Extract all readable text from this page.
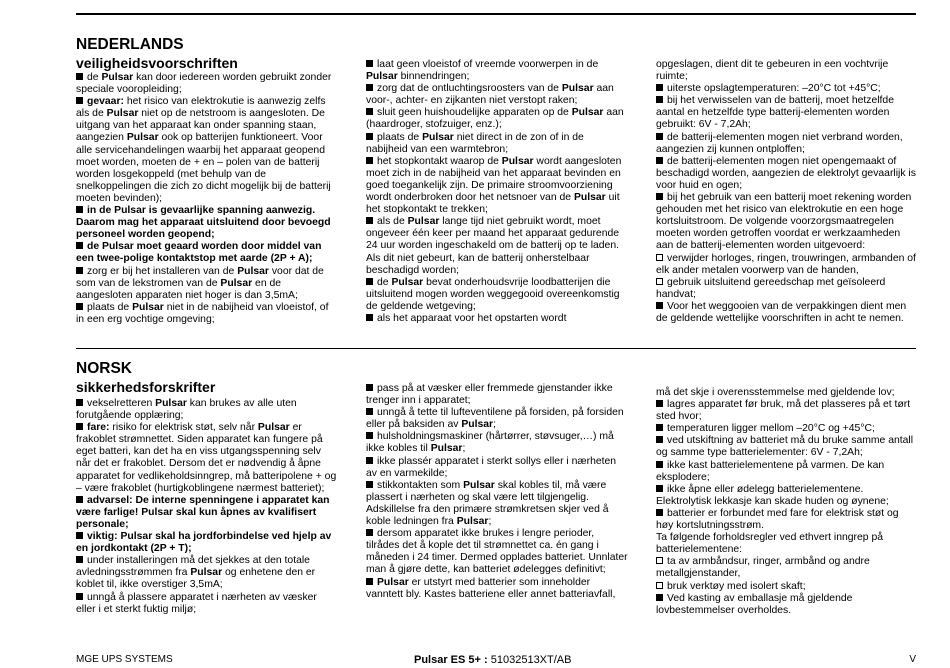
NEDERLANDS
veiligheidsvoorschriften

de Pulsar kan door iedereen worden gebruikt zonder speciale vooropleiding;

gevaar: het risico van elektrokutie is aanwezig zelfs als de Pulsar niet op de netstroom is aangesloten. De uitgang van het apparaat kan onder spanning staan, aangezien Pulsar ook op batterijen funktioneert. Voor alle servicehandelingen waarbij het apparaat geopend moet worden, moeten de + en – polen van de batterij worden losgekoppeld (met behulp van de snelkoppelingen die zich zo dicht mogelijk bij de batterij moeten bevinden);

in de Pulsar is gevaarlijke spanning aanwezig. Daarom mag het apparaat uitsluitend door bevoegd personeel worden geopend;

de Pulsar moet geaard worden door middel van een twee-polige kontaktstop met aarde (2P + A);

zorg er bij het installeren van de Pulsar voor dat de som van de lekstromen van de Pulsar en de aangesloten apparaten niet hoger is dan 3,5mA;

plaats de Pulsar niet in de nabijheid van vloeistof, of in een erg vochtige omgeving;

laat geen vloeistof of vreemde voorwerpen in de Pulsar binnendringen;

zorg dat de ontluchtingsroosters van de Pulsar aan voor-, achter- en zijkanten niet verstopt raken;

sluit geen huishoudelijke apparaten op de Pulsar aan (haardroger, stofzuiger, enz.);

plaats de Pulsar niet direct in de zon of in de nabijheid van een warmtebron;

het stopkontakt waarop de Pulsar wordt aangesloten moet zich in de nabijheid van het apparaat bevinden en goed toegankelijk zijn. De primaire stroomvoorziening wordt onderbroken door het netsnoer van de Pulsar uit het stopkontakt te trekken;

als de Pulsar lange tijd niet gebruikt wordt, moet ongeveer één keer per maand het apparaat gedurende 24 uur worden ingeschakeld om de batterij op te laden. Als dit niet gebeurt, kan de batterij onherstelbaar beschadigd worden;

de Pulsar bevat onderhoudsvrije loodbatterijen die uitsluitend mogen worden weggegooid overeenkomstig de geldende wetgeving;

als het apparaat voor het opstarten wordt

opgeslagen, dient dit te gebeuren in een vochtvrije ruimte;

uiterste opslagtemperaturen: –20°C tot +45°C;

bij het verwisselen van de batterij, moet hetzelfde aantal en hetzelfde type batterij-elementen worden gebruikt: 6V - 7,2Ah;

de batterij-elementen mogen niet verbrand worden, aangezien zij kunnen ontploffen;

de batterij-elementen mogen niet opengemaakt of beschadigd worden, aangezien de elektrolyt gevaarlijk is voor huid en ogen;

bij het gebruik van een batterij moet rekening worden gehouden met het risico van elektrokutie en een hoge kortsluitstroom. De volgende voorzorgsmaatregelen moeten worden getroffen voordat er werkzaamheden aan de batterij-elementen worden uitgevoerd:

verwijder horloges, ringen, trouwringen, armbanden of elk ander metalen voorwerp van de handen,

gebruik uitsluitend gereedschap met geïsoleerd handvat;

Voor het weggooien van de verpakkingen dient men de geldende wettelijke voorschriften in acht te nemen.

NORSK
sikkerhedsforskrifter

vekselretteren Pulsar kan brukes av alle uten forutgående opplæring;

fare: risiko for elektrisk støt, selv når Pulsar er frakoblet strømnettet. Siden apparatet kan fungere på eget batteri, kan det ha en viss utgangsspenning selv når det er frakoblet. Dersom det er nødvendig å åpne apparatet for vedlikeholdsinngrep, må batteripolene + og – være frakoblet (hurtigkoblingene nærmest batteriet);

advarsel: De interne spenningene i apparatet kan være farlige! Pulsar skal kun åpnes av kvalifisert personale;

viktig: Pulsar skal ha jordforbindelse ved hjelp av en jordkontakt (2P + T);

under installeringen må det sjekkes at den totale avledningsstrømmen fra Pulsar og enhetene den er koblet til, ikke overstiger 3,5mA;

unngå å plassere apparatet i nærheten av væsker eller i et sterkt fuktig miljø;

pass på at væsker eller fremmede gjenstander ikke trenger inn i apparatet;

unngå å tette til lufteventilene på forsiden, på forsiden eller på baksiden av Pulsar;

hulsholdningsmaskiner (hårtørrer, støvsuger,…) må ikke kobles til Pulsar;

ikke plassér apparatet i sterkt sollys eller i nærheten av en varmekilde;

stikkontakten som Pulsar skal kobles til, må være plassert i nærheten og skal være lett tilgjengelig. Adskillelse fra den primære strømkretsen skjer ved å koble ledningen fra Pulsar;

dersom apparatet ikke brukes i lengre perioder, tilrådes det å kople det til strømnettet ca. én gang i måneden i 24 timer. Dermed opplades batteriet. Unnlater man å gjøre dette, kan batteriet ødelegges definitivt;

Pulsar er utstyrt med batterier som inneholder vanntett bly. Kastes batteriene eller annet batteriavfall,

må det skje i overensstemmelse med gjeldende lov;

lagres apparatet før bruk, må det plasseres på et tørt sted hvor;

temperaturen ligger mellom –20°C og +45°C;

ved utskiftning av batteriet må du bruke samme antall og samme type batterielementer: 6V - 7,2Ah;

ikke kast batterielementene på varmen. De kan eksplodere;

ikke åpne eller ødelegg batterielementene. Elektrolytisk lekkasje kan skade huden og øynene;

batterier er forbundet med fare for elektrisk støt og høy kortslutningsstrøm.

Ta følgende forholdsregler ved ethvert inngrep på batterielementene:

ta av armbåndsur, ringer, armbånd og andre metallgjenstander,

bruk verktøy med isolert skaft;

Ved kasting av emballasje må gjeldende lovbestemmelser overholdes.

MGE UPS SYSTEMS	Pulsar ES 5+ : 51032513XT/AB	V
